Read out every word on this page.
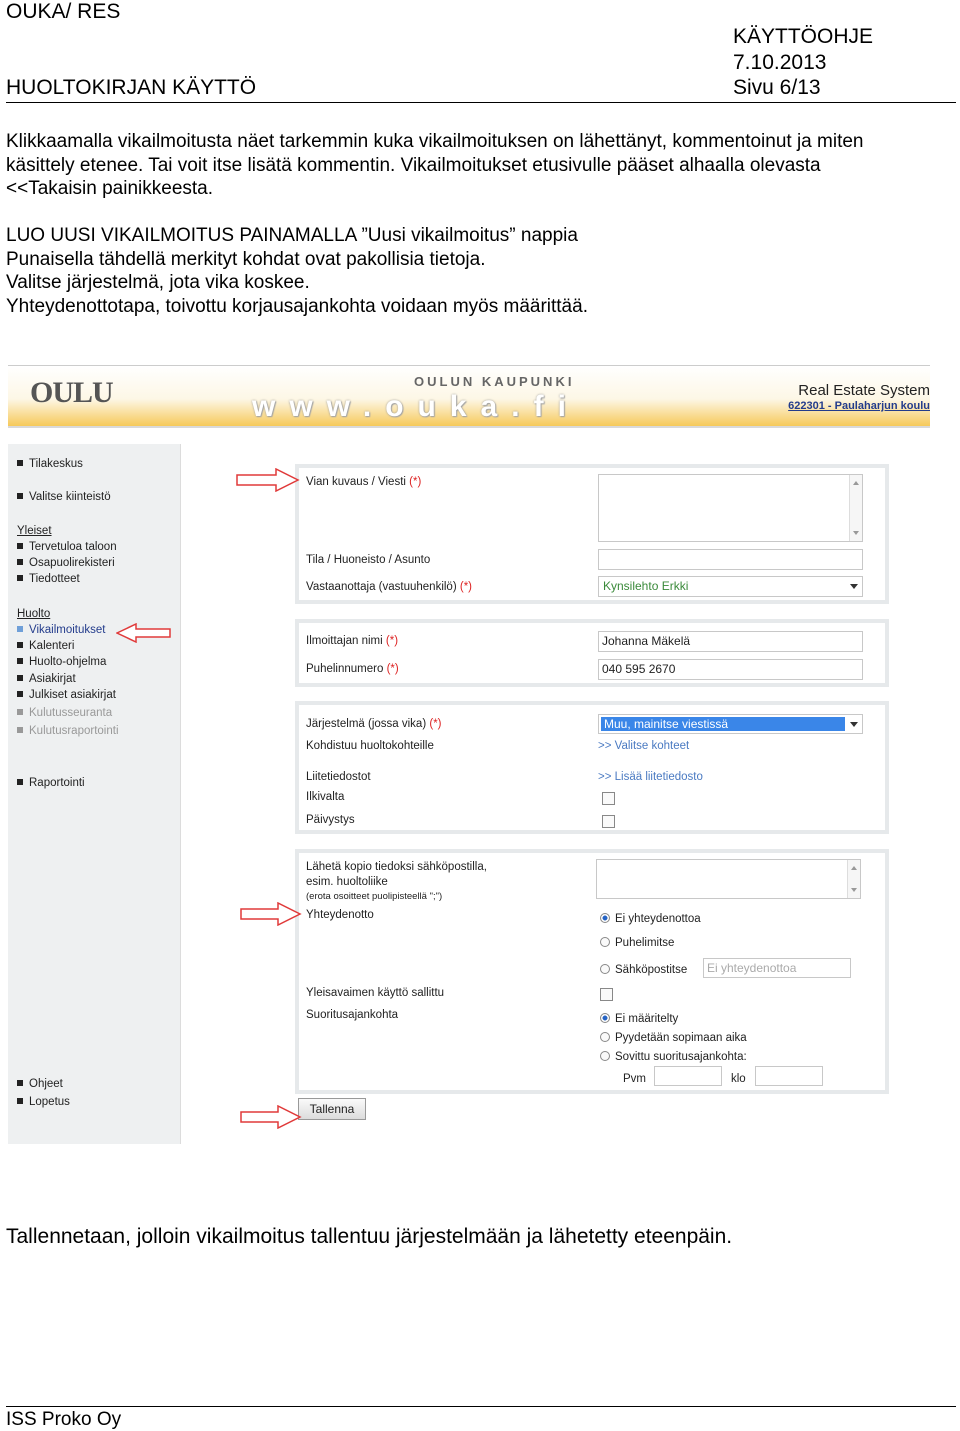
OUKA/ RES
KÄYTTÖOHJE
7.10.2013
HUOLTOKIRJAN KÄYTTÖ	Sivu 6/13
Klikkaamalla vikailmoitusta näet tarkemmin kuka vikailmoituksen on lähettänyt, kommentoinut ja miten
käsittely etenee. Tai voit itse lisätä kommentin. Vikailmoitukset etusivulle pääset alhaalla olevasta
<<Takaisin painikkeesta.
LUO UUSI VIKAILMOITUS PAINAMALLA ”Uusi vikailmoitus” nappia
Punaisella tähdellä merkityt kohdat ovat pakollisia tietoja.
Valitse järjestelmä, jota vika koskee.
Yhteydenottotapa, toivottu korjausajankohta voidaan myös määrittää.
OULU	OULUN KAUPUNKI
www.ouka.fi	Real Estate System
622301 - Paulaharjun koulu
Tilakeskus
Valitse kiinteistö
Yleiset
Tervetuloa taloon
Osapuolirekisteri
Tiedotteet
Huolto
Vikailmoitukset
Kalenteri
Huolto-ohjelma
Asiakirjat
Julkiset asiakirjat
Kulutusseuranta
Kulutusraportointi
Raportointi
Ohjeet
Lopetus
Vian kuvaus / Viesti (*)
Tila / Huoneisto / Asunto
Vastaanottaja (vastuuhenkilö) (*)	Kynsilehto Erkki
Ilmoittajan nimi (*)	Johanna Mäkelä
Puhelinnumero (*)	040 595 2670
Järjestelmä (jossa vika) (*)	Muu, mainitse viestissä
Kohdistuu huoltokohteille	>> Valitse kohteet
Liitetiedostot	>> Lisää liitetiedosto
Ilkivalta
Päivystys
Lähetä kopio tiedoksi sähköpostilla,
esim. huoltoliike
(erota osoitteet puolipisteellä ";")
Yhteydenotto	Ei yhteydenottoa
Puhelimitse
Sähköpostitse	Ei yhteydenottoa
Yleisavaimen käyttö sallittu
Suoritusajankohta	Ei määritelty
Pyydetään sopimaan aika
Sovittu suoritusajankohta:
Pvm	klo
Tallenna
Tallennetaan, jolloin vikailmoitus tallentuu järjestelmään ja lähetetty eteenpäin.
ISS Proko Oy
